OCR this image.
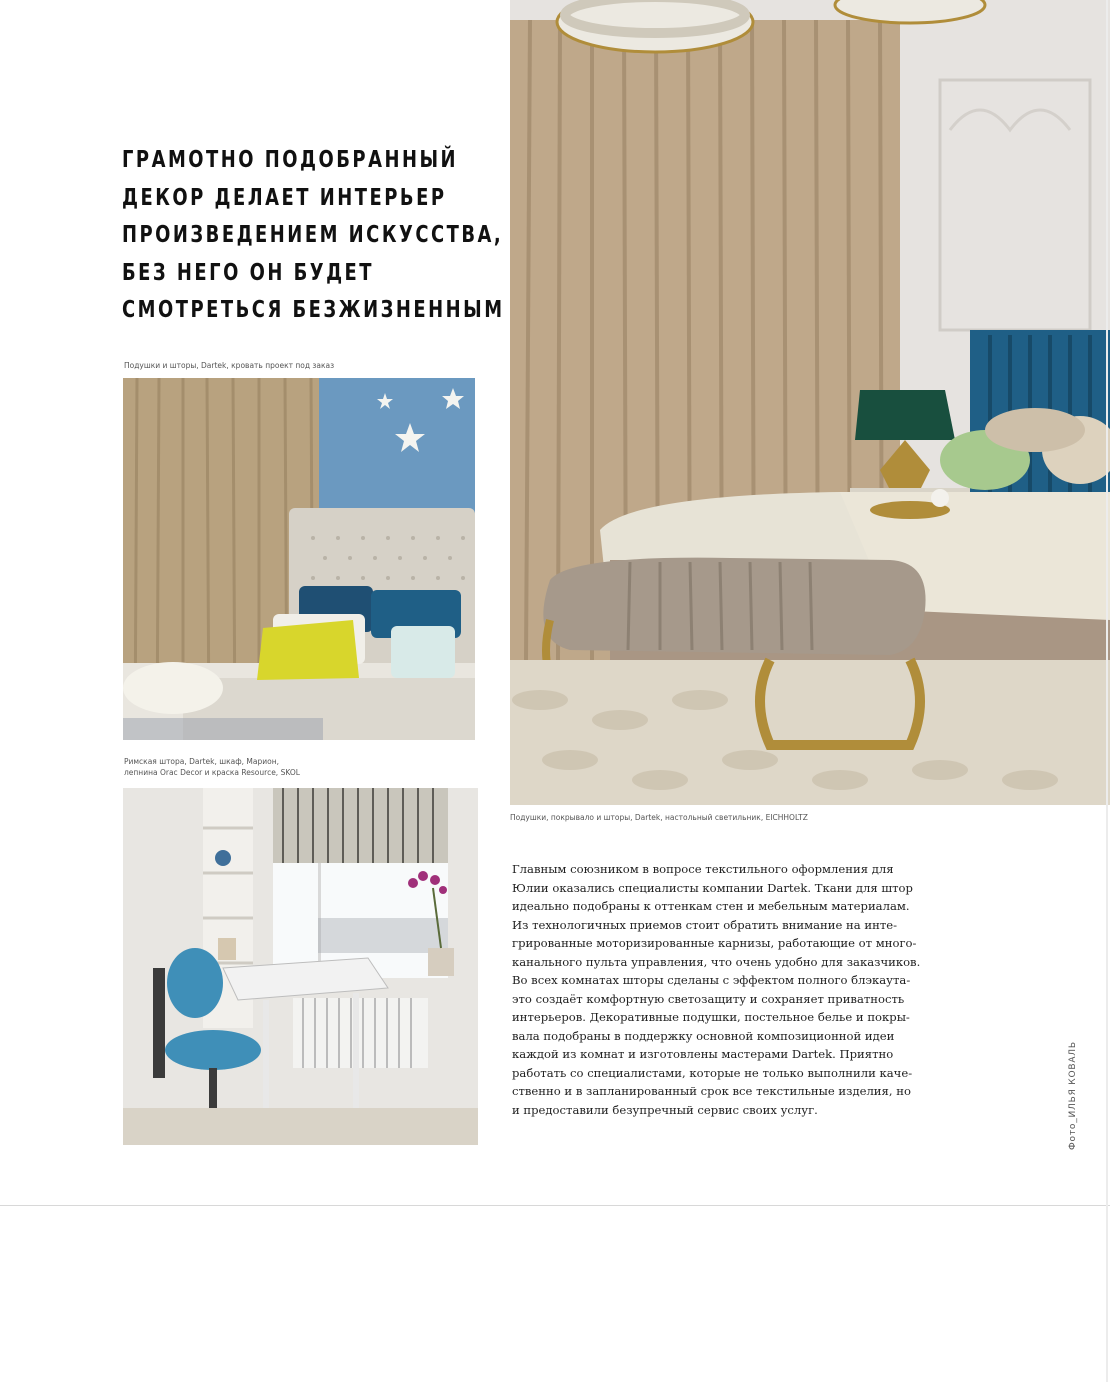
ГРАМОТНО ПОДОБРАННЫЙ
ДЕКОР ДЕЛАЕТ ИНТЕРЬЕР
ПРОИЗВЕДЕНИЕМ ИСКУССТВА,
БЕЗ НЕГО ОН БУДЕТ
СМОТРЕТЬСЯ БЕЗЖИЗНЕННЫМ
Подушки и шторы, Dartek, кровать проект под заказ
Римская штора, Dartek, шкаф, Марион,
лепнина Orac Decor и краска Resource, SKOL
Подушки, покрывало и шторы, Dartek, настольный светильник, EICHHOLTZ
Главным союзником в вопросе текстильного оформления для
Юлии оказались специалисты компании Dartek. Ткани для штор
идеально подобраны к оттенкам стен и мебельным материалам.
Из технологичных приемов стоит обратить внимание на инте-
грированные моторизированные карнизы, работающие от много-
канального пульта управления, что очень удобно для заказчиков.
Во всех комнатах шторы сделаны с эффектом полного блэкаута-
это создаёт комфортную светозащиту и сохраняет приватность
интерьеров. Декоративные подушки, постельное белье и покры-
вала подобраны в поддержку основной композиционной идеи
каждой из комнат и изготовлены мастерами Dartek. Приятно
работать со специалистами, которые не только выполнили каче-
ственно и в запланированный срок все текстильные изделия, но
и предоставили безупречный сервис своих услуг.	Фото_ИЛЬЯ КОВАЛЬ
